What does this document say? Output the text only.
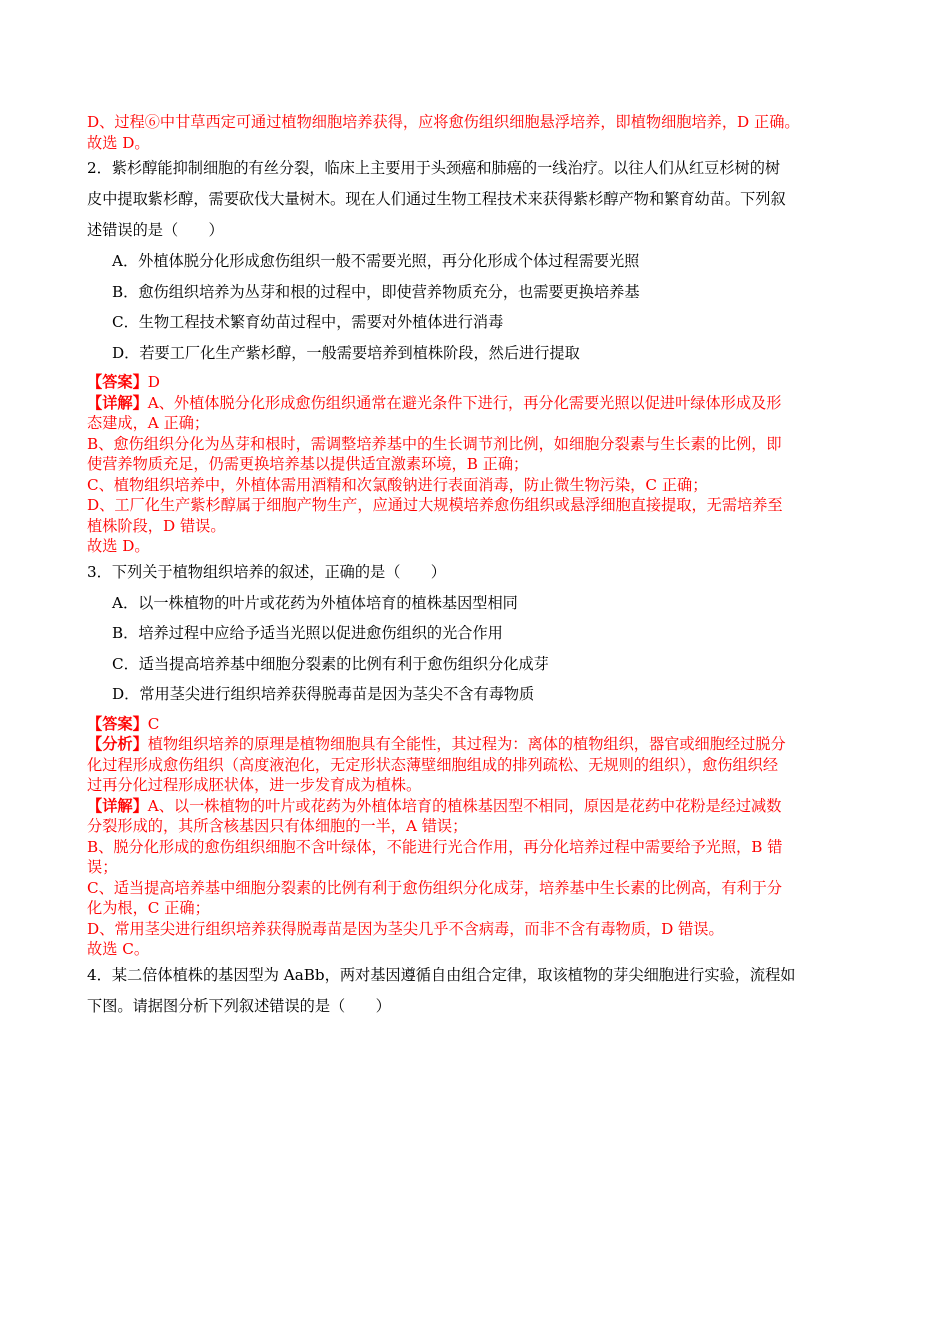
D、过程⑥中甘草西定可通过植物细胞培养获得，应将愈伤组织细胞悬浮培养，即植物细胞培养，D 正确。

故选 D。

2．紫杉醇能抑制细胞的有丝分裂，临床上主要用于头颈癌和肺癌的一线治疗。以往人们从红豆杉树的树

皮中提取紫杉醇，需要砍伐大量树木。现在人们通过生物工程技术来获得紫杉醇产物和繁育幼苗。下列叙

述错误的是（　　）

A．外植体脱分化形成愈伤组织一般不需要光照，再分化形成个体过程需要光照

B．愈伤组织培养为丛芽和根的过程中，即使营养物质充分，也需要更换培养基

C．生物工程技术繁育幼苗过程中，需要对外植体进行消毒

D．若要工厂化生产紫杉醇，一般需要培养到植株阶段，然后进行提取

【答案】D

【详解】A、外植体脱分化形成愈伤组织通常在避光条件下进行，再分化需要光照以促进叶绿体形成及形

态建成，A 正确；

B、愈伤组织分化为丛芽和根时，需调整培养基中的生长调节剂比例，如细胞分裂素与生长素的比例，即

使营养物质充足，仍需更换培养基以提供适宜激素环境，B 正确；

C、植物组织培养中，外植体需用酒精和次氯酸钠进行表面消毒，防止微生物污染，C 正确；

D、工厂化生产紫杉醇属于细胞产物生产，应通过大规模培养愈伤组织或悬浮细胞直接提取，无需培养至

植株阶段，D 错误。

故选 D。

3．下列关于植物组织培养的叙述，正确的是（　　）

A．以一株植物的叶片或花药为外植体培育的植株基因型相同

B．培养过程中应给予适当光照以促进愈伤组织的光合作用

C．适当提高培养基中细胞分裂素的比例有利于愈伤组织分化成芽

D．常用茎尖进行组织培养获得脱毒苗是因为茎尖不含有毒物质

【答案】C

【分析】植物组织培养的原理是植物细胞具有全能性，其过程为：离体的植物组织，器官或细胞经过脱分

化过程形成愈伤组织（高度液泡化，无定形状态薄壁细胞组成的排列疏松、无规则的组织），愈伤组织经

过再分化过程形成胚状体，进一步发育成为植株。

【详解】A、以一株植物的叶片或花药为外植体培育的植株基因型不相同，原因是花药中花粉是经过减数

分裂形成的，其所含核基因只有体细胞的一半，A 错误；

B、脱分化形成的愈伤组织细胞不含叶绿体，不能进行光合作用，再分化培养过程中需要给予光照，B 错

误；

C、适当提高培养基中细胞分裂素的比例有利于愈伤组织分化成芽，培养基中生长素的比例高，有利于分

化为根，C 正确；

D、常用茎尖进行组织培养获得脱毒苗是因为茎尖几乎不含病毒，而非不含有毒物质，D 错误。

故选 C。

4．某二倍体植株的基因型为 AaBb，两对基因遵循自由组合定律，取该植物的芽尖细胞进行实验，流程如

下图。请据图分析下列叙述错误的是（　　）
